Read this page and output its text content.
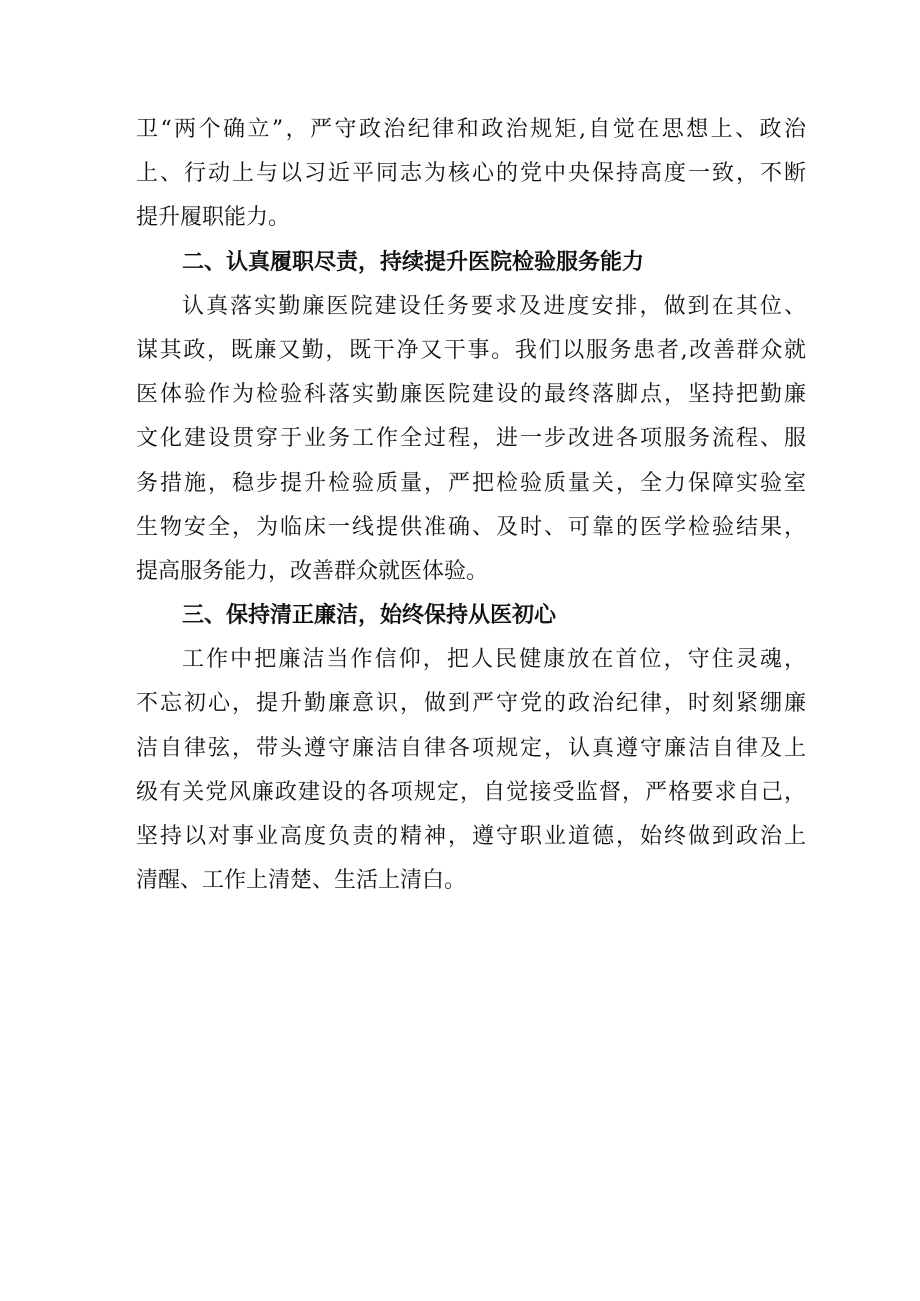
卫“两个确立”，严守政治纪律和政治规矩,自觉在思想上、政治
上、行动上与以习近平同志为核心的党中央保持高度一致，不断
提升履职能力。
二、认真履职尽责，持续提升医院检验服务能力
认真落实勤廉医院建设任务要求及进度安排，做到在其位、
谋其政，既廉又勤，既干净又干事。我们以服务患者,改善群众就
医体验作为检验科落实勤廉医院建设的最终落脚点，坚持把勤廉
文化建设贯穿于业务工作全过程，进一步改进各项服务流程、服
务措施，稳步提升检验质量，严把检验质量关，全力保障实验室
生物安全，为临床一线提供准确、及时、可靠的医学检验结果，
提高服务能力，改善群众就医体验。
三、保持清正廉洁，始终保持从医初心
工作中把廉洁当作信仰，把人民健康放在首位，守住灵魂，
不忘初心，提升勤廉意识，做到严守党的政治纪律，时刻紧绷廉
洁自律弦，带头遵守廉洁自律各项规定，认真遵守廉洁自律及上
级有关党风廉政建设的各项规定，自觉接受监督，严格要求自己，
坚持以对事业高度负责的精神，遵守职业道德，始终做到政治上
清醒、工作上清楚、生活上清白。
